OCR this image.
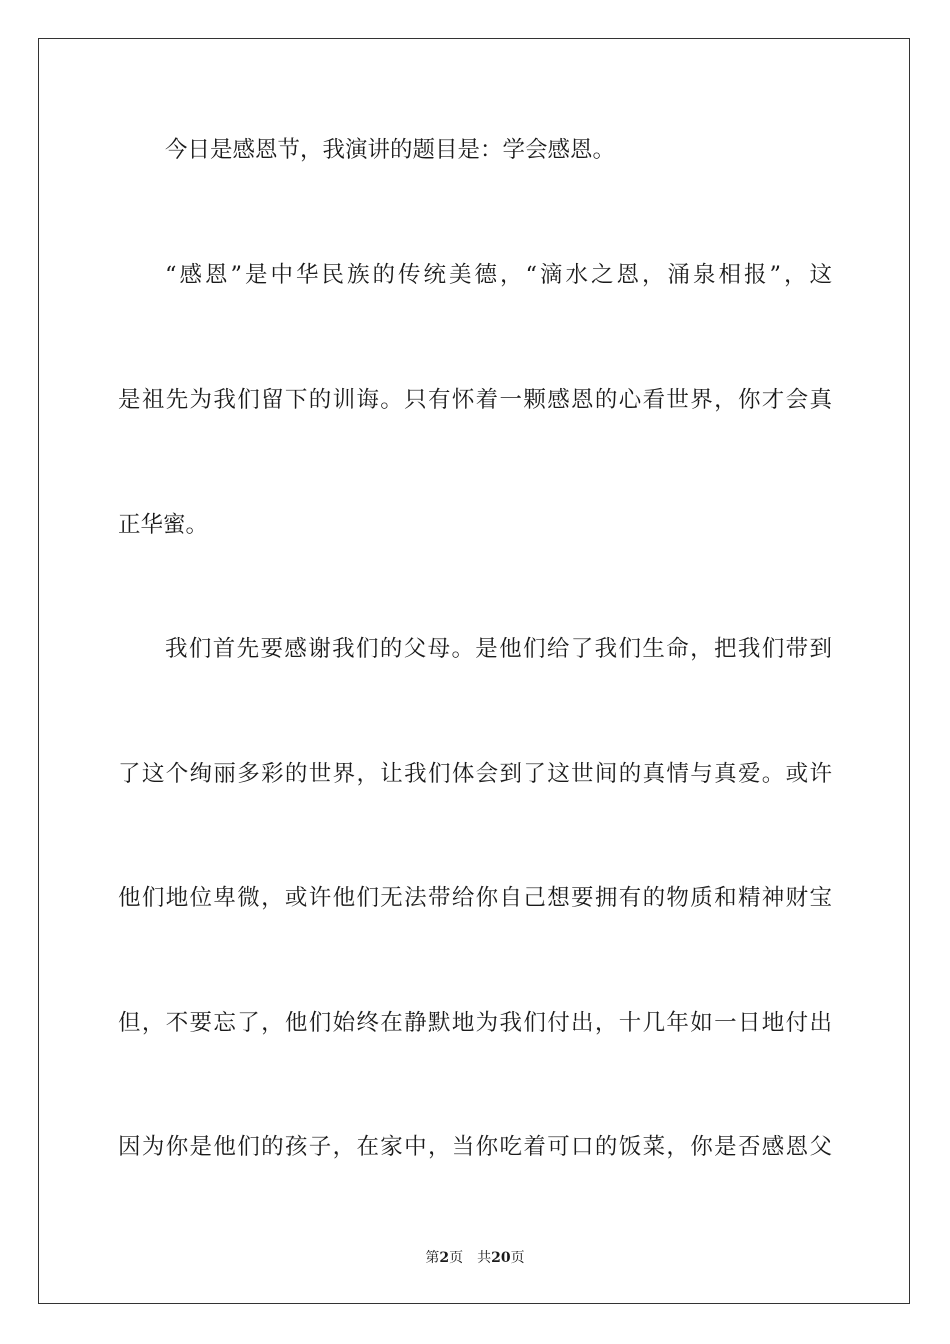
今日是感恩节，我演讲的题目是：学会感恩。
“感恩”是中华民族的传统美德，“滴水之恩，涌泉相报”，这
是祖先为我们留下的训诲。只有怀着一颗感恩的心看世界，你才会真
正华蜜。
我们首先要感谢我们的父母。是他们给了我们生命，把我们带到
了这个绚丽多彩的世界，让我们体会到了这世间的真情与真爱。或许
他们地位卑微，或许他们无法带给你自己想要拥有的物质和精神财宝
但，不要忘了，他们始终在静默地为我们付出，十几年如一日地付出
因为你是他们的孩子，在家中，当你吃着可口的饭菜，你是否感恩父
第2页 共20页
